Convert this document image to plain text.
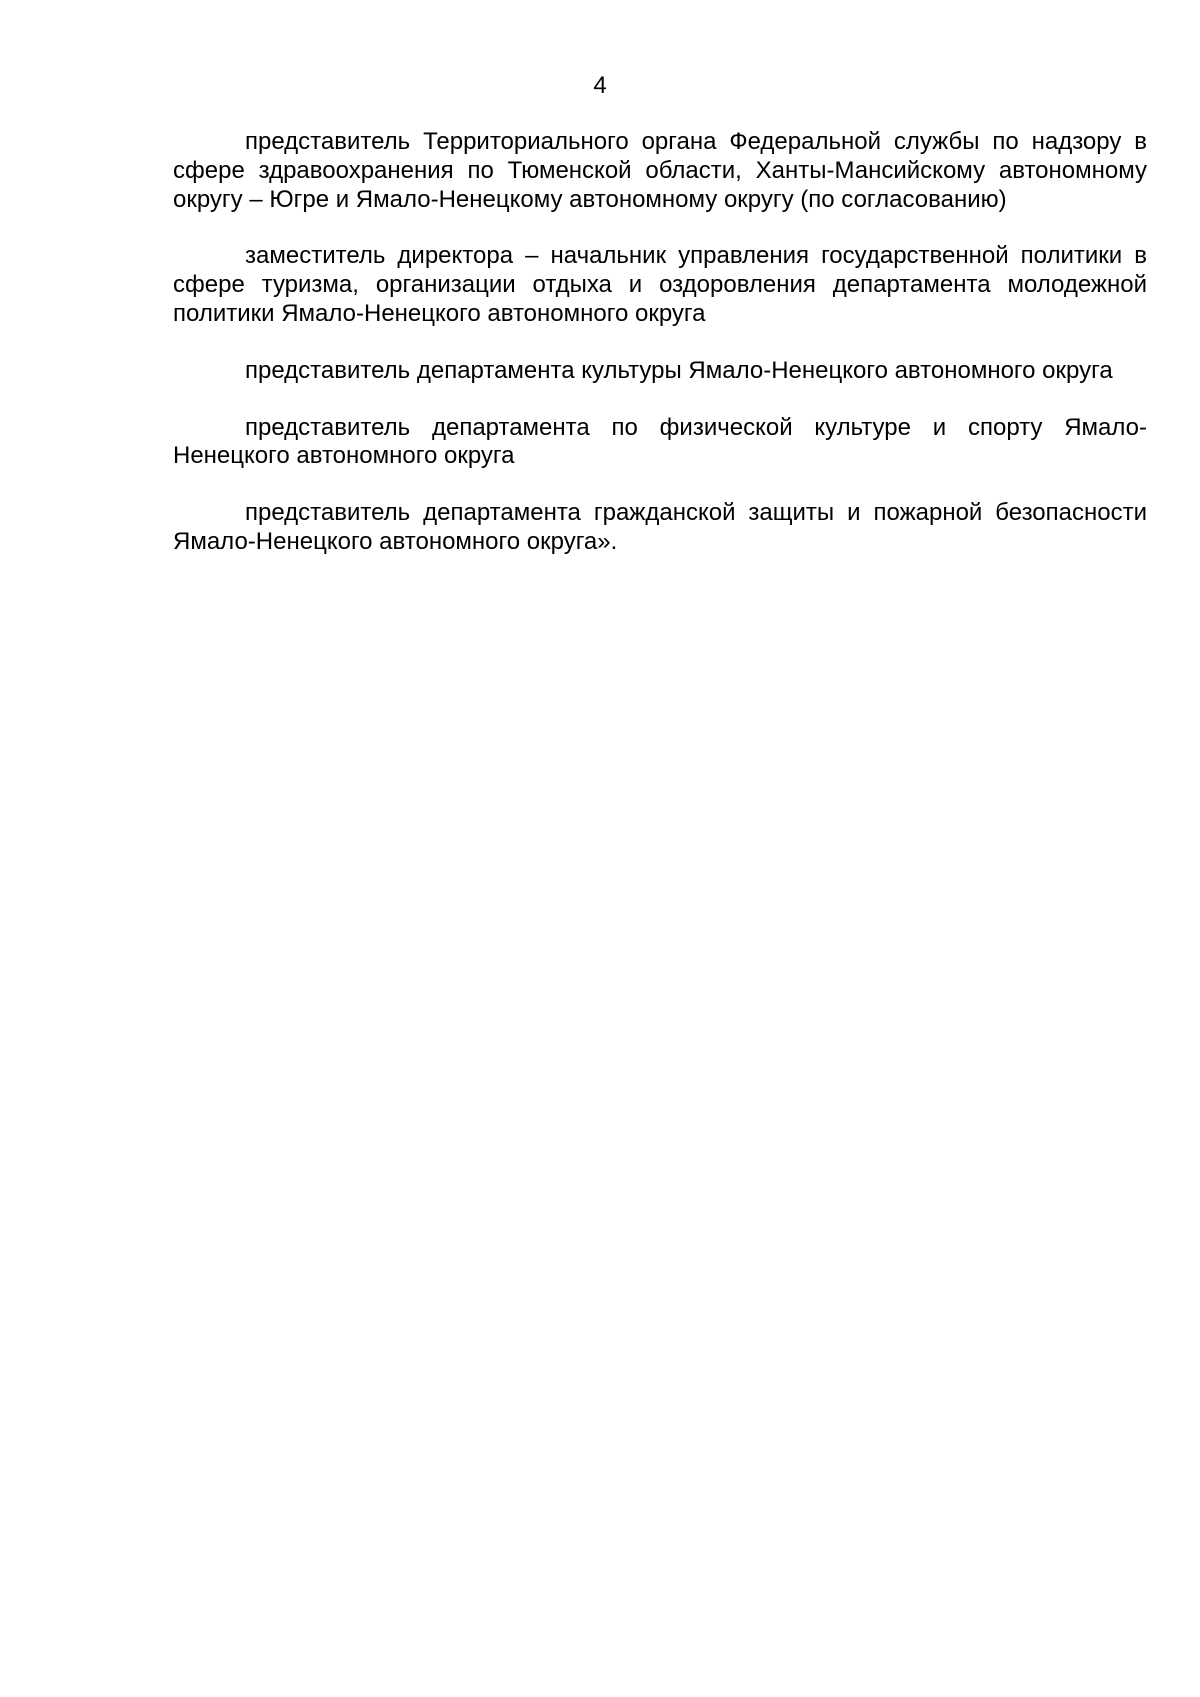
4

представитель Территориального органа Федеральной службы по надзору в сфере здравоохранения по Тюменской области, Ханты-Мансийскому автономному округу – Югре и Ямало-Ненецкому автономному округу (по согласованию)

заместитель директора – начальник управления государственной политики в сфере туризма, организации отдыха и оздоровления департамента молодежной политики Ямало-Ненецкого автономного округа

представитель департамента культуры Ямало-Ненецкого автономного округа

представитель департамента по физической культуре и спорту Ямало-Ненецкого автономного округа

представитель департамента гражданской защиты и пожарной безопасности Ямало-Ненецкого автономного округа».
